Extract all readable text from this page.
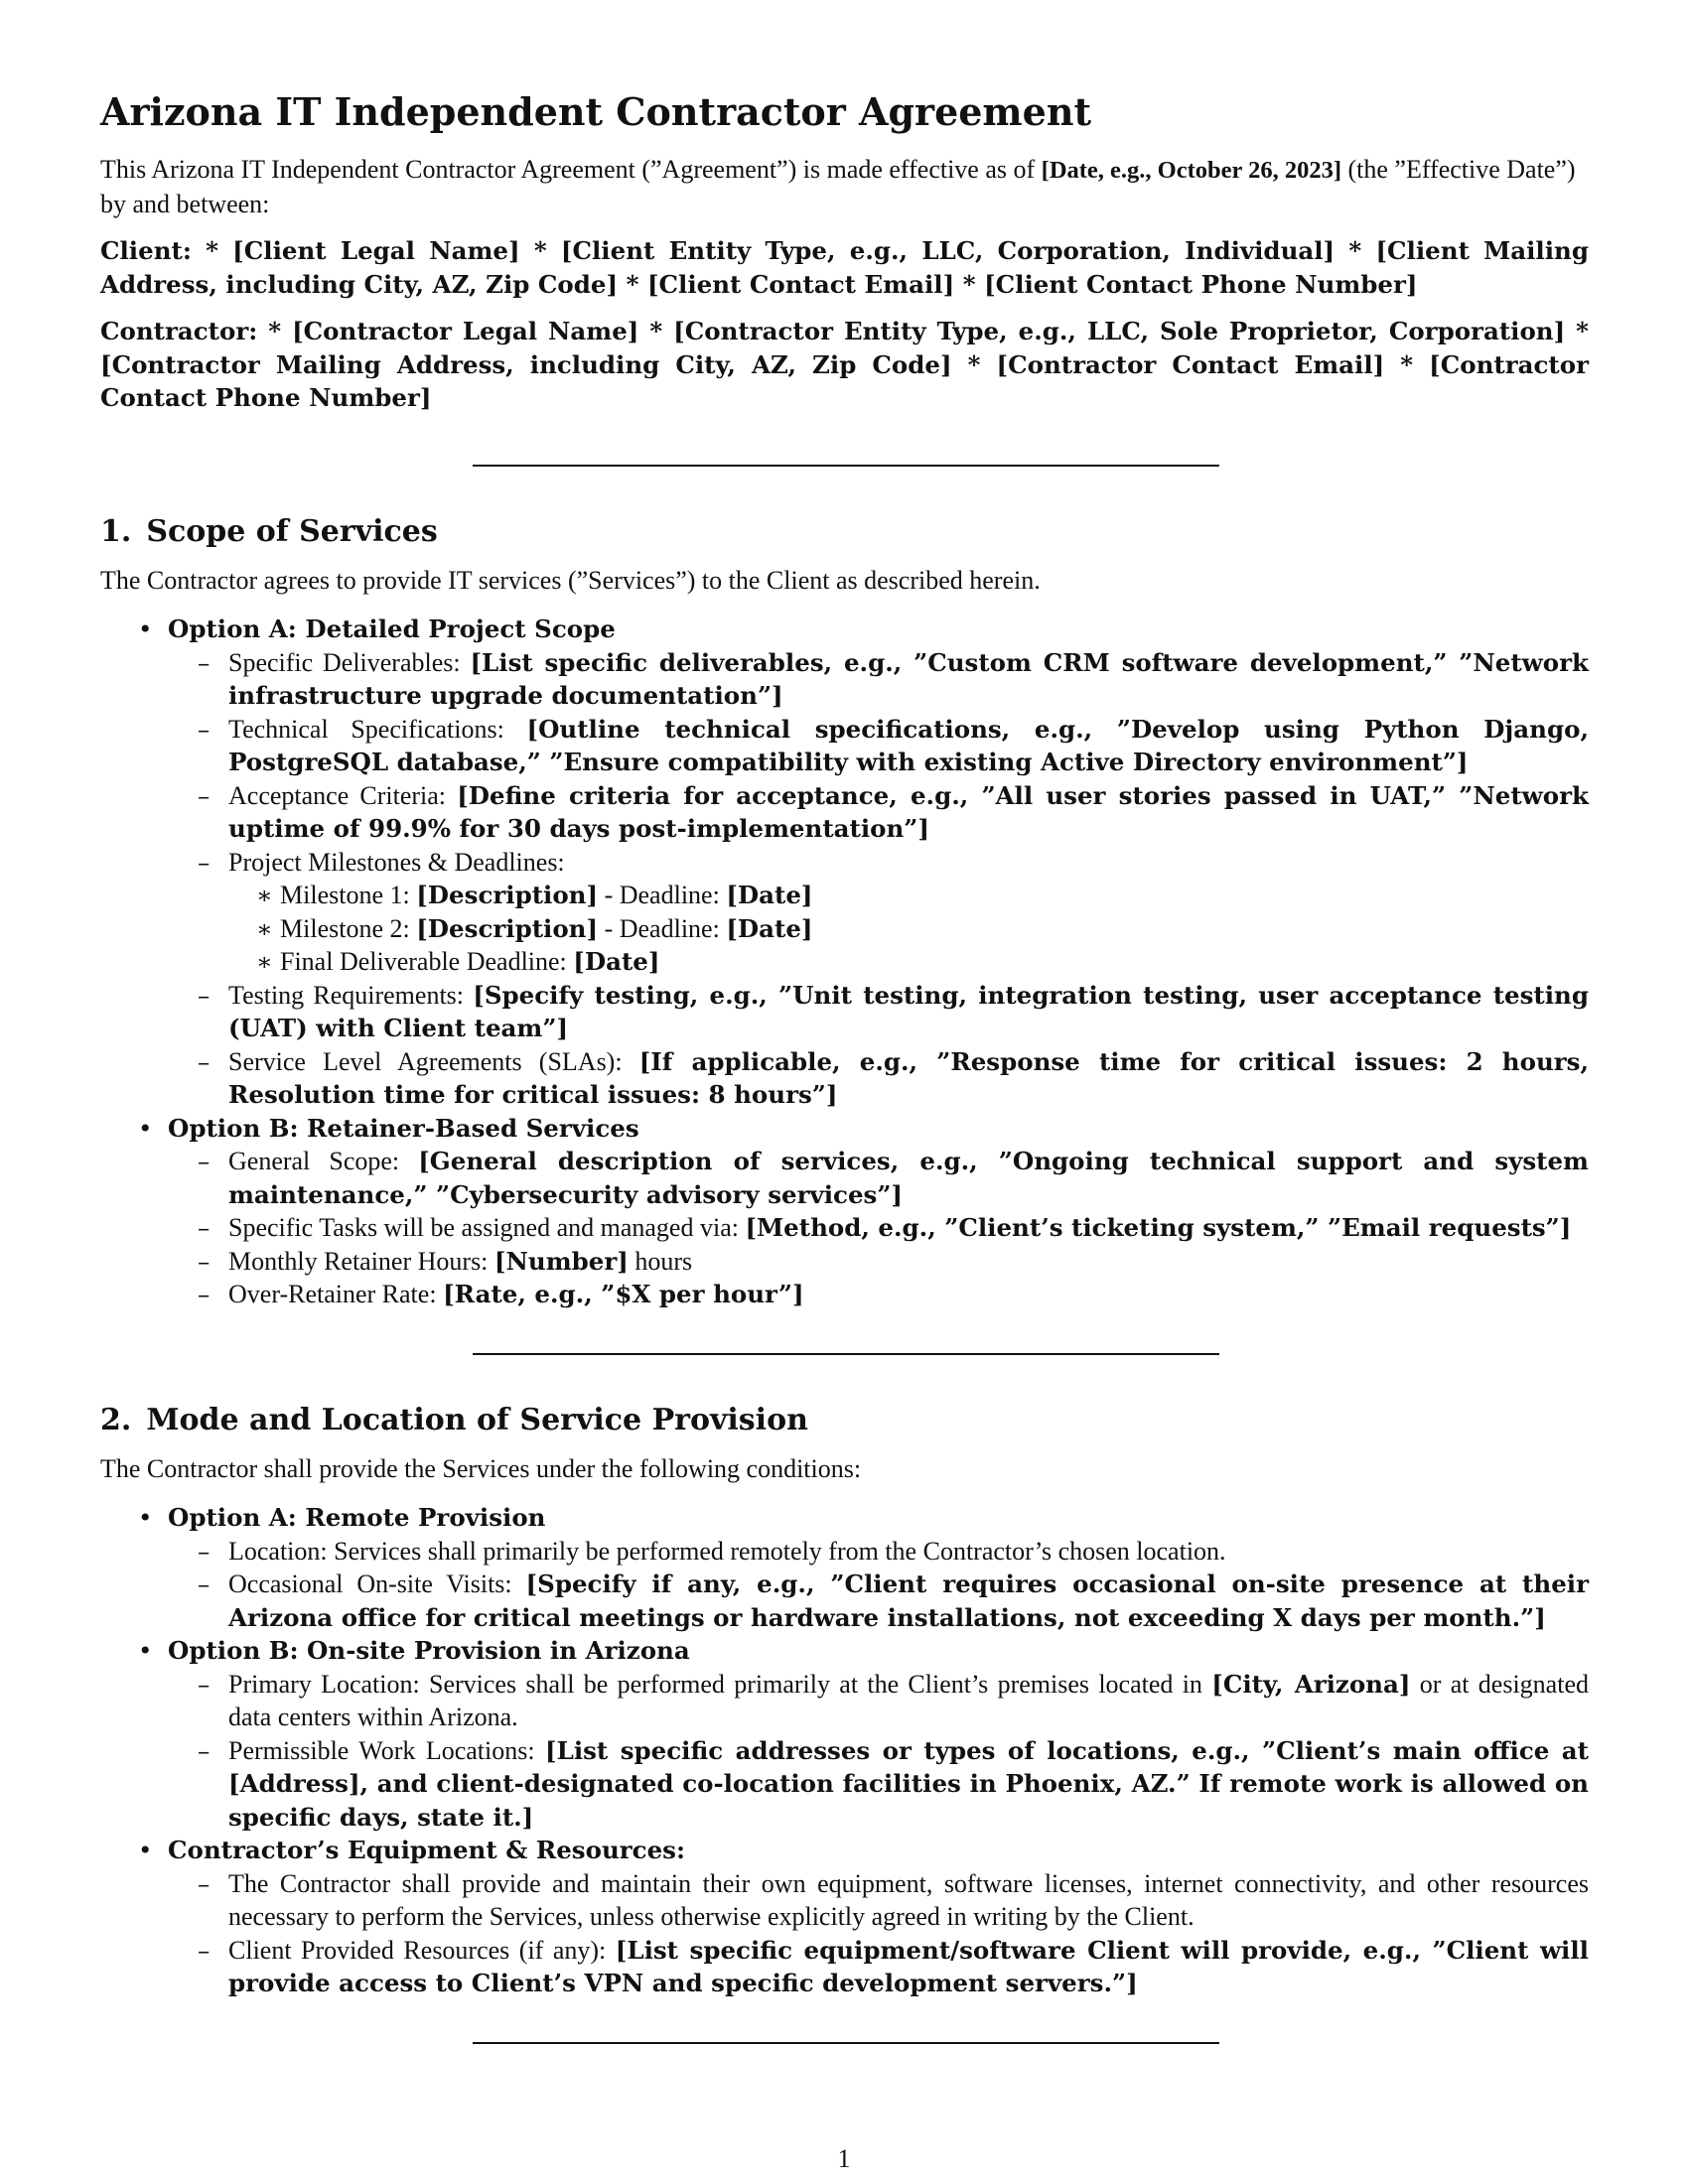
Arizona IT Independent Contractor Agreement

This Arizona IT Independent Contractor Agreement (”Agreement”) is made effective as of [Date, e.g., October 26, 2023] (the ”Effective Date”) by and between:

Client: * [Client Legal Name] * [Client Entity Type, e.g., LLC, Corporation, Individual] * [Client Mailing Address, including City, AZ, Zip Code] * [Client Contact Email] * [Client Contact Phone Number]

Contractor: * [Contractor Legal Name] * [Contractor Entity Type, e.g., LLC, Sole Proprietor, Corporation] * [Contractor Mailing Address, including City, AZ, Zip Code] * [Contractor Contact Email] * [Contractor Contact Phone Number]

1. Scope of Services

The Contractor agrees to provide IT services (”Services”) to the Client as described herein.

• Option A: Detailed Project Scope
– Specific Deliverables: [List specific deliverables, e.g., ”Custom CRM software development,” ”Network infrastructure upgrade documentation”]
– Technical Specifications: [Outline technical specifications, e.g., ”Develop using Python Django, PostgreSQL database,” ”Ensure compatibility with existing Active Directory environment”]
– Acceptance Criteria: [Define criteria for acceptance, e.g., ”All user stories passed in UAT,” ”Network uptime of 99.9% for 30 days post-implementation”]
– Project Milestones & Deadlines:
∗ Milestone 1: [Description] - Deadline: [Date]
∗ Milestone 2: [Description] - Deadline: [Date]
∗ Final Deliverable Deadline: [Date]
– Testing Requirements: [Specify testing, e.g., ”Unit testing, integration testing, user acceptance testing (UAT) with Client team”]
– Service Level Agreements (SLAs): [If applicable, e.g., ”Response time for critical issues: 2 hours, Resolution time for critical issues: 8 hours”]
• Option B: Retainer-Based Services
– General Scope: [General description of services, e.g., ”Ongoing technical support and system maintenance,” ”Cybersecurity advisory services”]
– Specific Tasks will be assigned and managed via: [Method, e.g., ”Client’s ticketing system,” ”Email requests”]
– Monthly Retainer Hours: [Number] hours
– Over-Retainer Rate: [Rate, e.g., ”$X per hour”]
2. Mode and Location of Service Provision

The Contractor shall provide the Services under the following conditions:

• Option A: Remote Provision
– Location: Services shall primarily be performed remotely from the Contractor’s chosen location.
– Occasional On-site Visits: [Specify if any, e.g., ”Client requires occasional on-site presence at their Arizona office for critical meetings or hardware installations, not exceeding X days per month.”]
• Option B: On-site Provision in Arizona
– Primary Location: Services shall be performed primarily at the Client’s premises located in [City, Arizona] or at designated data centers within Arizona.
– Permissible Work Locations: [List specific addresses or types of locations, e.g., ”Client’s main office at [Address], and client-designated co-location facilities in Phoenix, AZ.” If remote work is allowed on specific days, state it.]
• Contractor’s Equipment & Resources:
– The Contractor shall provide and maintain their own equipment, software licenses, internet connectivity, and other resources necessary to perform the Services, unless otherwise explicitly agreed in writing by the Client.
– Client Provided Resources (if any): [List specific equipment/software Client will provide, e.g., ”Client will provide access to Client’s VPN and specific development servers.”]
1
